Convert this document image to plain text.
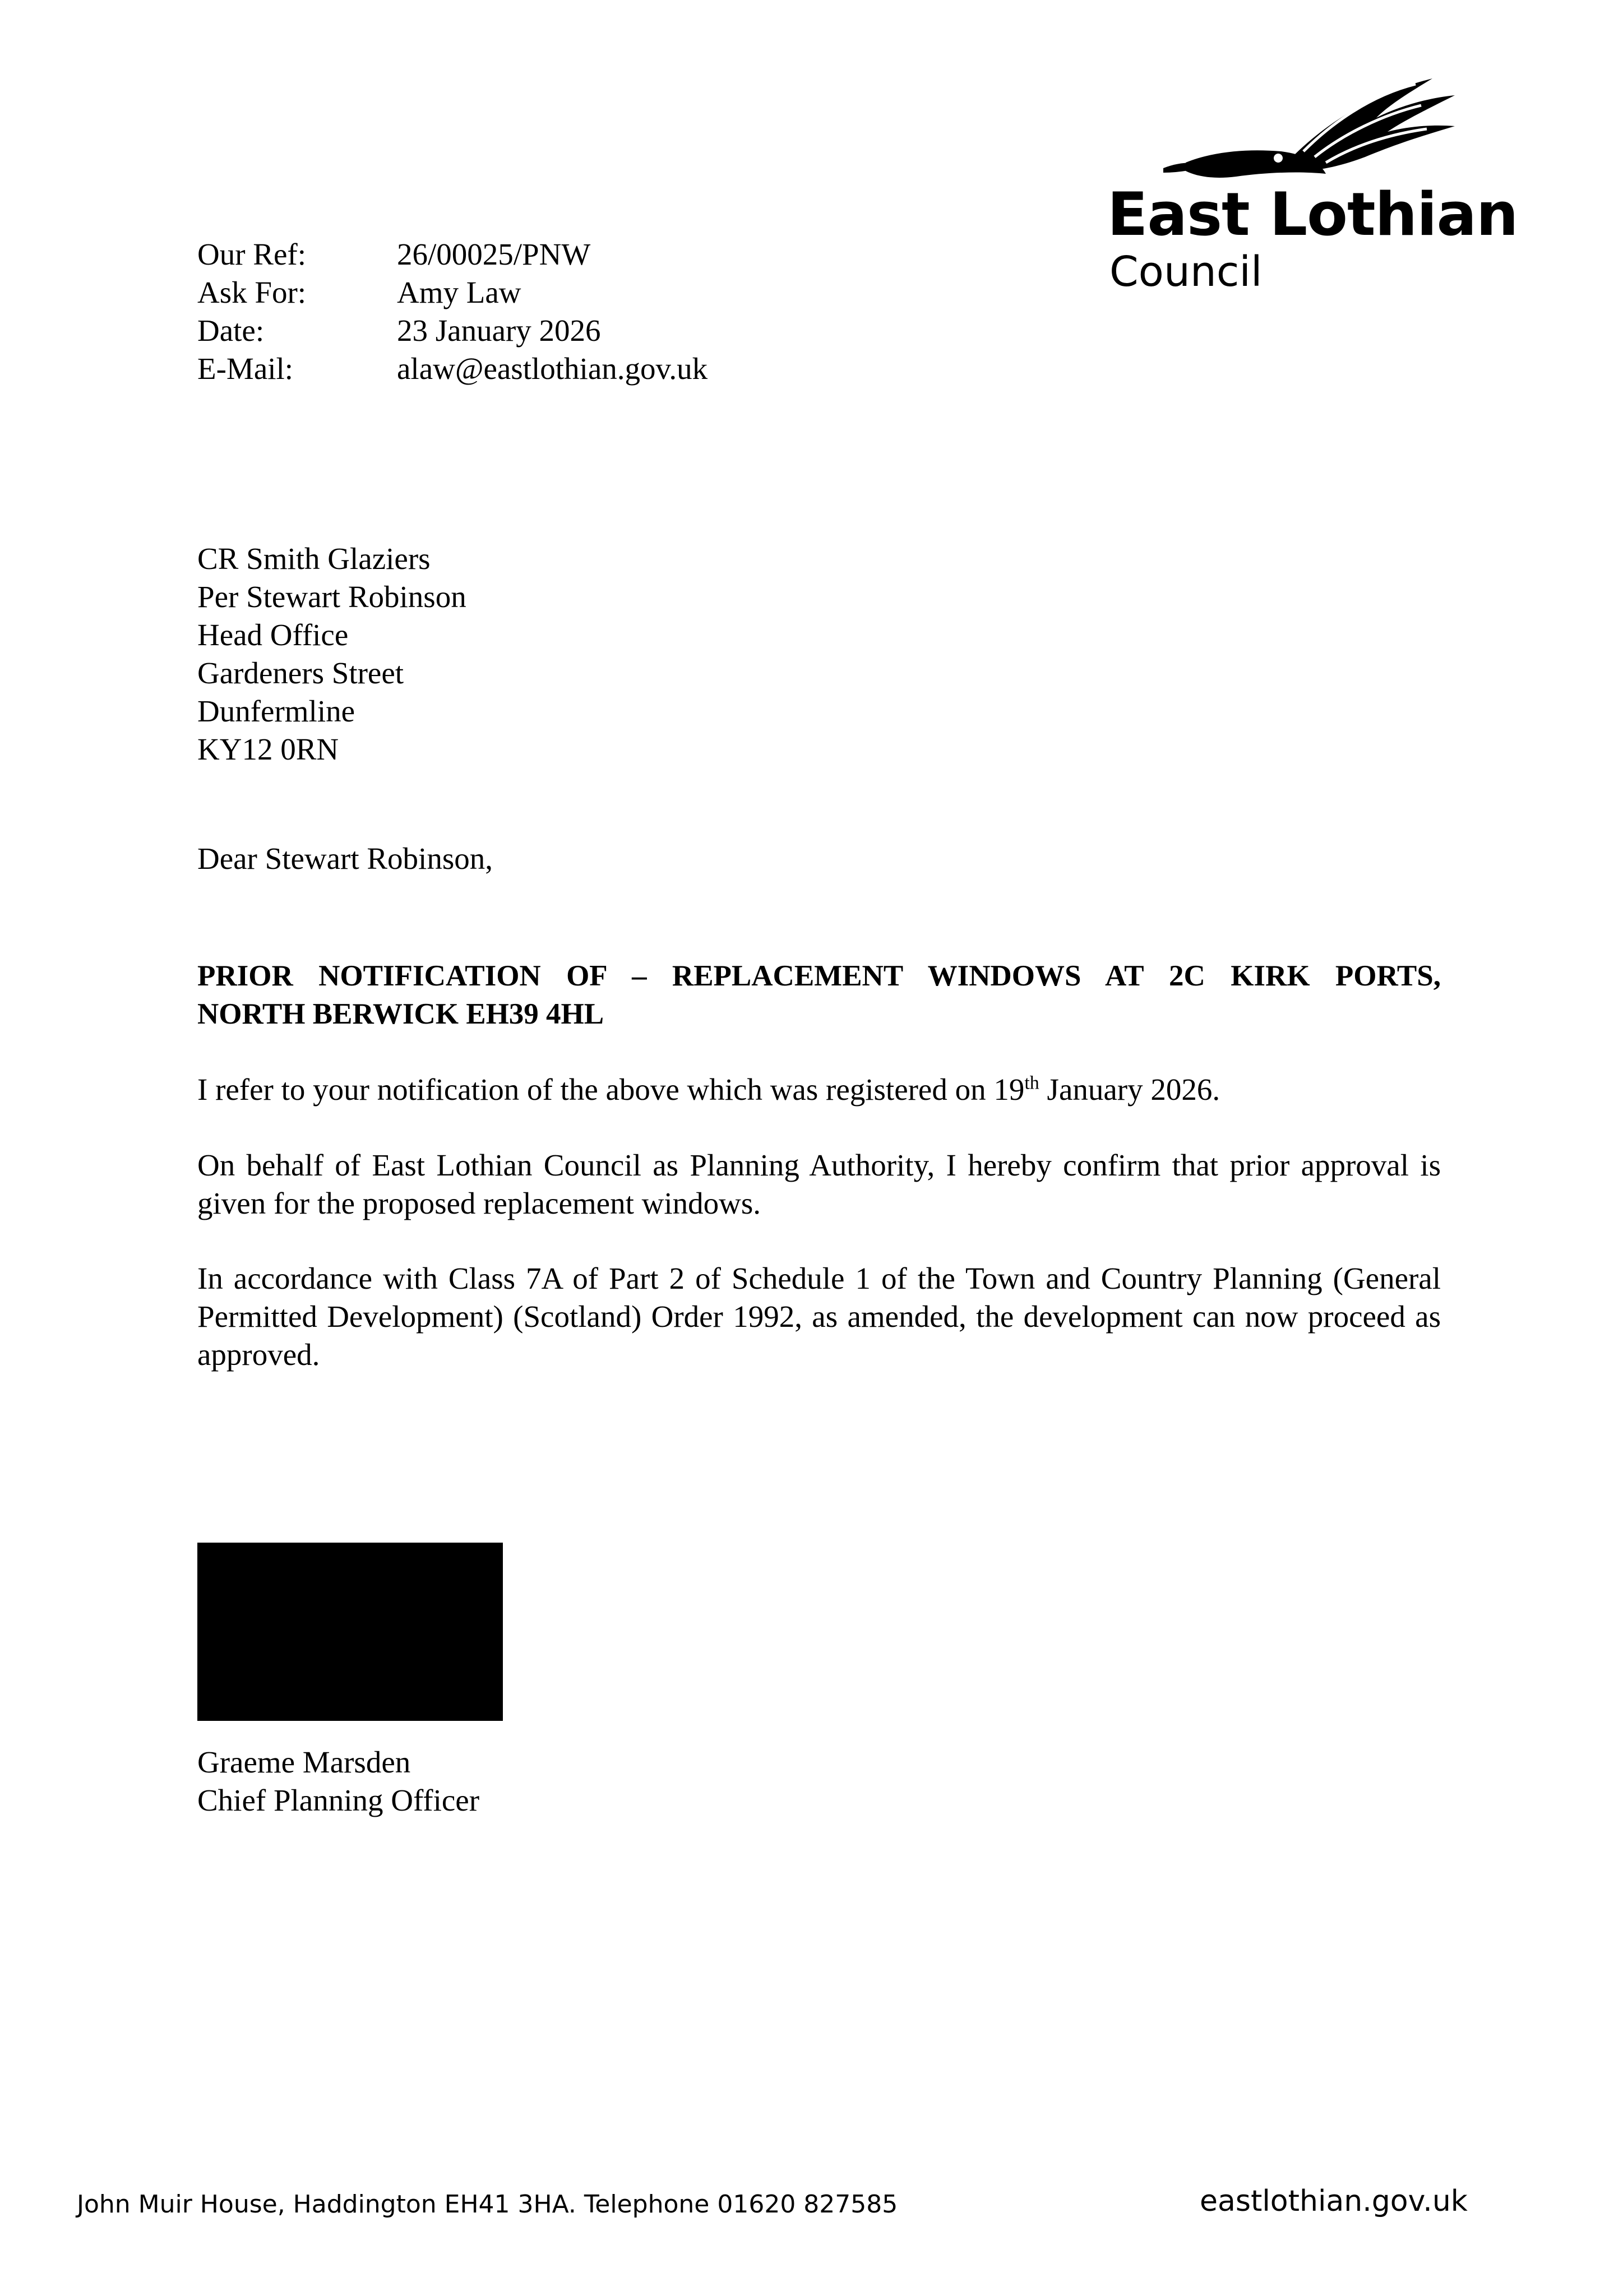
East Lothian
Council
Our Ref:	26/00025/PNW
Ask For:	Amy Law
Date:	23 January 2026
E-Mail:	alaw@eastlothian.gov.uk
CR Smith Glaziers
Per Stewart Robinson
Head Office
Gardeners Street
Dunfermline
KY12 0RN
Dear Stewart Robinson,
PRIOR NOTIFICATION OF – REPLACEMENT WINDOWS AT 2C KIRK PORTS,
NORTH BERWICK EH39 4HL
I refer to your notification of the above which was registered on 19th January 2026.
On behalf of East Lothian Council as Planning Authority, I hereby confirm that prior approval is given for the proposed replacement windows.
In accordance with Class 7A of Part 2 of Schedule 1 of the Town and Country Planning (General Permitted Development) (Scotland) Order 1992, as amended, the development can now proceed as approved.
Graeme Marsden
Chief Planning Officer
John Muir House, Haddington EH41 3HA. Telephone 01620 827585	eastlothian.gov.uk
